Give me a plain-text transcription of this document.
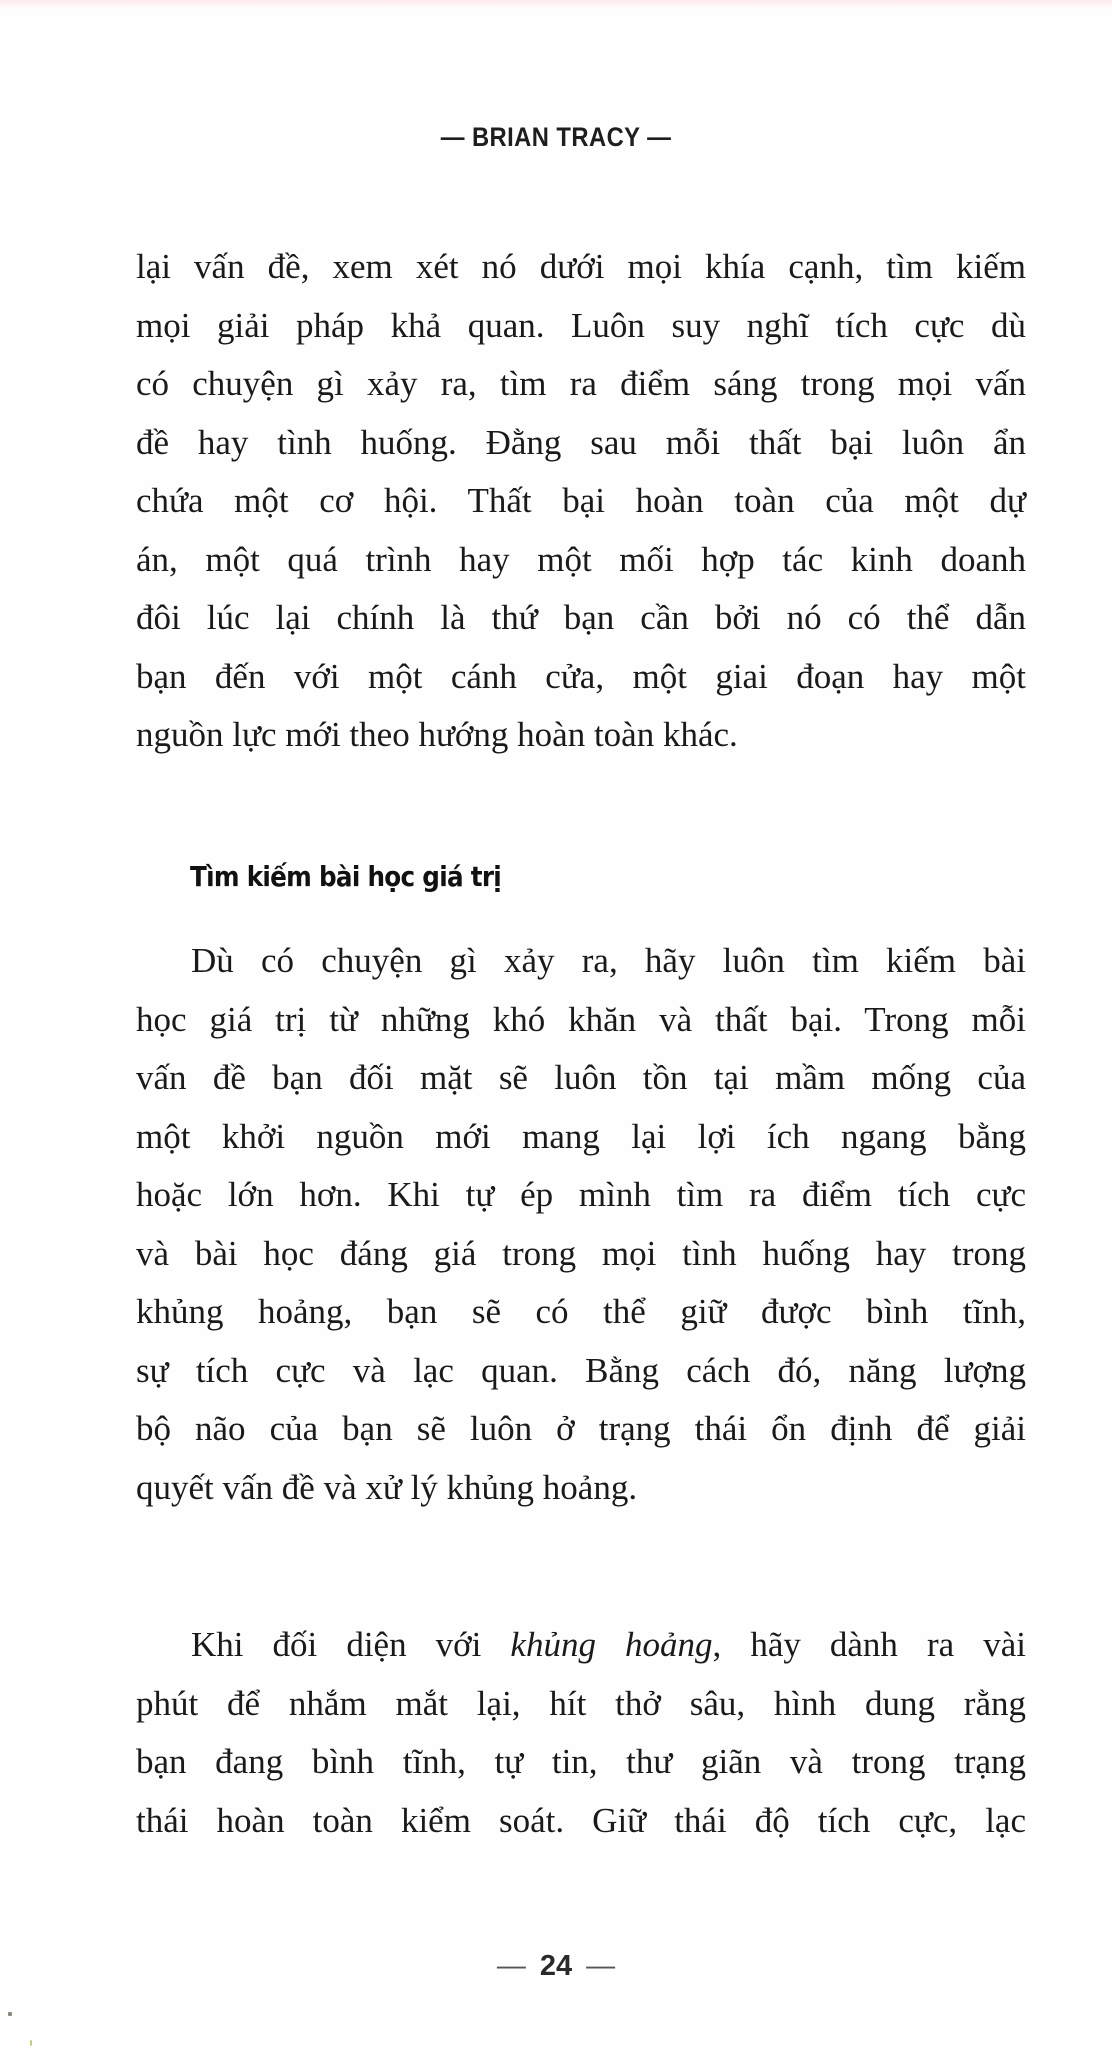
— BRIAN TRACY —
lại vấn đề, xem xét nó dưới mọi khía cạnh, tìm kiếm
mọi giải pháp khả quan. Luôn suy nghĩ tích cực dù
có chuyện gì xảy ra, tìm ra điểm sáng trong mọi vấn
đề hay tình huống. Đằng sau mỗi thất bại luôn ẩn
chứa một cơ hội. Thất bại hoàn toàn của một dự
án, một quá trình hay một mối hợp tác kinh doanh
đôi lúc lại chính là thứ bạn cần bởi nó có thể dẫn
bạn đến với một cánh cửa, một giai đoạn hay một
nguồn lực mới theo hướng hoàn toàn khác.
Tìm kiếm bài học giá trị
Dù có chuyện gì xảy ra, hãy luôn tìm kiếm bài
học giá trị từ những khó khăn và thất bại. Trong mỗi
vấn đề bạn đối mặt sẽ luôn tồn tại mầm mống của
một khởi nguồn mới mang lại lợi ích ngang bằng
hoặc lớn hơn. Khi tự ép mình tìm ra điểm tích cực
và bài học đáng giá trong mọi tình huống hay trong
khủng hoảng, bạn sẽ có thể giữ được bình tĩnh,
sự tích cực và lạc quan. Bằng cách đó, năng lượng
bộ não của bạn sẽ luôn ở trạng thái ổn định để giải
quyết vấn đề và xử lý khủng hoảng.
Khi đối diện với khủng hoảng, hãy dành ra vài
phút để nhắm mắt lại, hít thở sâu, hình dung rằng
bạn đang bình tĩnh, tự tin, thư giãn và trong trạng
thái hoàn toàn kiểm soát. Giữ thái độ tích cực, lạc
— 24 —
